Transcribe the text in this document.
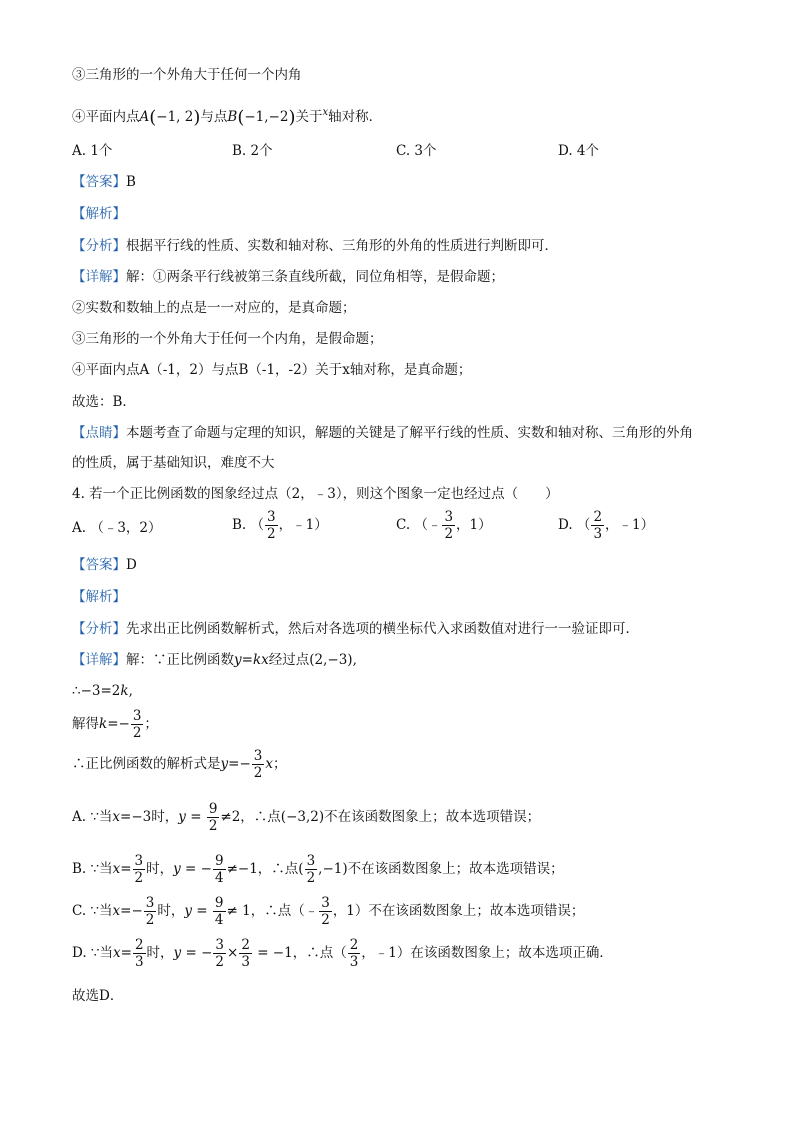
③三角形的一个外角大于任何一个内角
④平面内点A(−1, 2)与点B(−1,−2)关于$^x$轴对称．
A. 1个	B. 2个	C. 3个	D. 4个
【答案】B
【解析】
【分析】根据平行线的性质、实数和轴对称、三角形的外角的性质进行判断即可．
【详解】解：①两条平行线被第三条直线所截，同位角相等，是假命题；
②实数和数轴上的点是一一对应的，是真命题；
③三角形的一个外角大于任何一个内角，是假命题；
④平面内点A（-1，2）与点B（-1，-2）关于x轴对称，是真命题；
故选：B．
【点睛】本题考查了命题与定理的知识，解题的关键是了解平行线的性质、实数和轴对称、三角形的外角
的性质，属于基础知识，难度不大
4. 若一个正比例函数的图象经过点（2，﹣3），则这个图象一定也经过点（　　）
A. （﹣3，2）	B. （ $\frac{3}{2}$ ，﹣1）	C. （﹣ $\frac{3}{2}$ ，1）	D. （ $\frac{2}{3}$ ，﹣1）
【答案】D
【解析】
【分析】先求出正比例函数解析式，然后对各选项的横坐标代入求函数值对进行一一验证即可．
【详解】解：∵正比例函数y=kx经过点(2,−3),
∴−3=2k,
解得$k=- \frac{3}{2}$ ；
∴正比例函数的解析式是$y=- \frac{3}{2}$ x；
A. ∵当x=−3时，$y = \frac{9}{2} \ne 2$，∴点(−3,2)不在该函数图象上；故本选项错误；
B. ∵当$x= \frac{3}{2}$ 时，y = − $\frac{9}{4} \ne-1$，∴点( $\frac{3}{2} ,-1$)不在该函数图象上；故本选项错误；
C. ∵当$x=- \frac{3}{2}$ 时，$y = \frac{9}{4} \ne 1$，∴点（﹣ $\frac{3}{2}$ ，1）不在该函数图象上；故本选项错误；
D. ∵当$x= \frac{2}{3}$ 时，y = − $\frac{3}{2} \times \frac{2}{3} = -1$，∴点（ $\frac{2}{3}$ ，﹣1）在该函数图象上；故本选项正确．
故选D．
